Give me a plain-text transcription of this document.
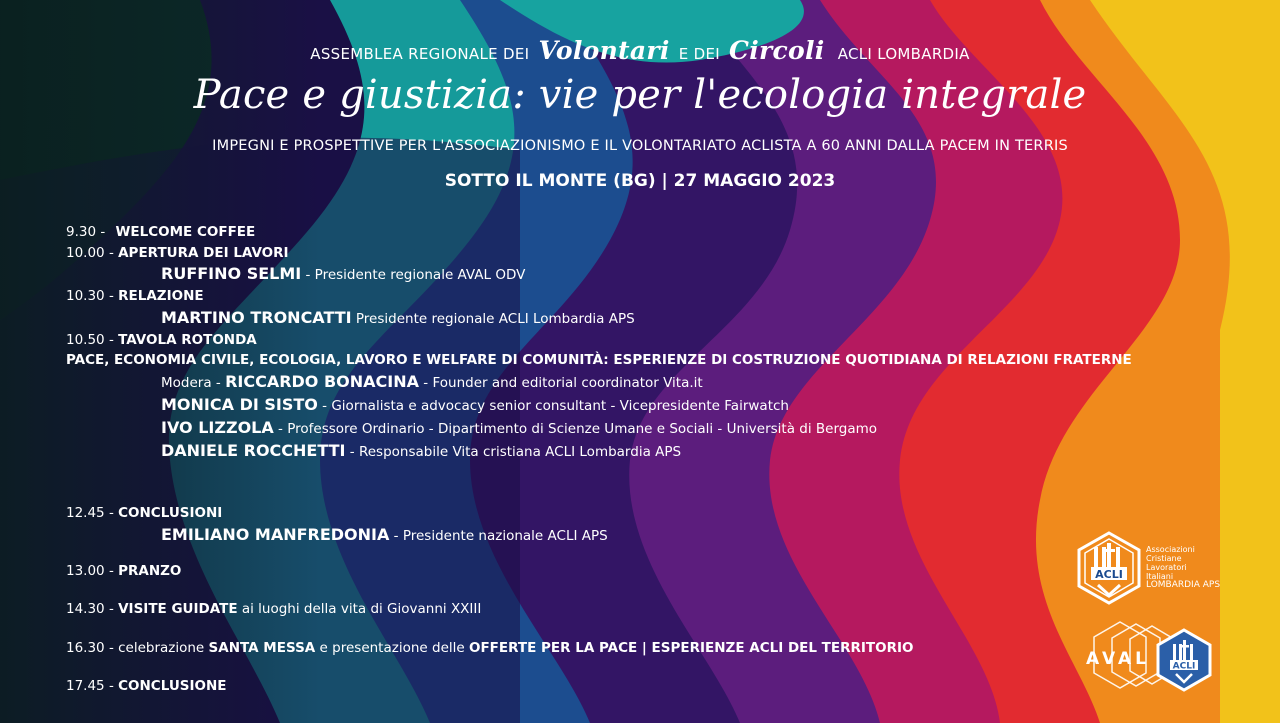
ASSEMBLEA REGIONALE DEI Volontari E DEI Circoli ACLI LOMBARDIA
Pace e giustizia: vie per l'ecologia integrale
IMPEGNI E PROSPETTIVE PER L'ASSOCIAZIONISMO E IL VOLONTARIATO ACLISTA A 60 ANNI DALLA PACEM IN TERRIS
SOTTO IL MONTE (BG) | 27 MAGGIO 2023
9.30 - WELCOME COFFEE
10.00 - APERTURA DEI LAVORI
RUFFINO SELMI - Presidente regionale AVAL ODV
10.30 - RELAZIONE
MARTINO TRONCATTI Presidente regionale ACLI Lombardia APS
10.50 - TAVOLA ROTONDA
PACE, ECONOMIA CIVILE, ECOLOGIA, LAVORO E WELFARE DI COMUNITÀ: ESPERIENZE DI COSTRUZIONE QUOTIDIANA DI RELAZIONI FRATERNE
Modera - RICCARDO BONACINA - Founder and editorial coordinator Vita.it
MONICA DI SISTO - Giornalista e advocacy senior consultant - Vicepresidente Fairwatch
IVO LIZZOLA - Professore Ordinario - Dipartimento di Scienze Umane e Sociali - Università di Bergamo
DANIELE ROCCHETTI - Responsabile Vita cristiana ACLI Lombardia APS
12.45 - CONCLUSIONI
EMILIANO MANFREDONIA - Presidente nazionale ACLI APS
13.00 - PRANZO
14.30 - VISITE GUIDATE ai luoghi della vita di Giovanni XXIII
16.30 - celebrazione SANTA MESSA e presentazione delle OFFERTE PER LA PACE | ESPERIENZE ACLI DEL TERRITORIO
17.45 - CONCLUSIONE
ACLI
Associazioni
Cristiane
Lavoratori
Italiani
LOMBARDIA APS
ACLI
AVAL
